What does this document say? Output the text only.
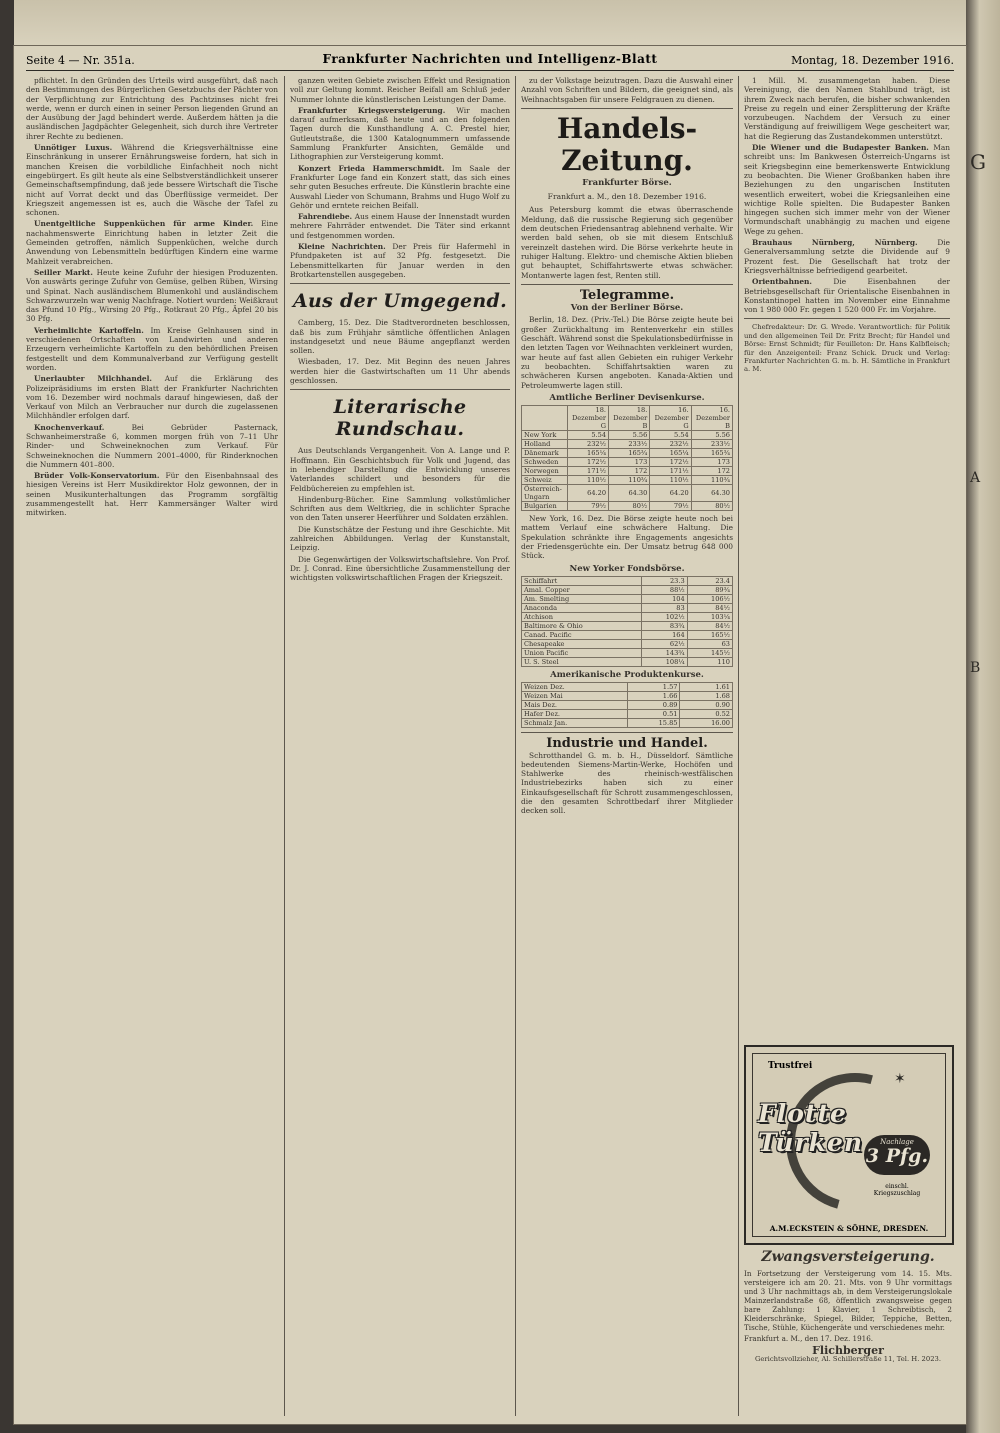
G
A
B
Seite 4 — Nr. 351a.	Frankfurter Nachrichten und Intelligenz-Blatt	Montag, 18. Dezember 1916.

pflichtet. In den Gründen des Urteils wird ausgeführt, daß nach den Bestimmungen des Bürgerlichen Gesetzbuchs der Pächter von der Verpflichtung zur Entrichtung des Pachtzinses nicht frei werde, wenn er durch einen in seiner Person liegenden Grund an der Ausübung der Jagd behindert werde. Außerdem hätten ja die ausländischen Jagdpächter Gelegenheit, sich durch ihre Vertreter ihrer Rechte zu bedienen.

Unnötiger Luxus. Während die Kriegsverhältnisse eine Einschränkung in unserer Ernährungsweise fordern, hat sich in manchen Kreisen die vorbildliche Einfachheit noch nicht eingebürgert. Es gilt heute als eine Selbstverständlichkeit unserer Gemeinschaftsempfindung, daß jede bessere Wirtschaft die Tische nicht auf Vorrat deckt und das Überflüssige vermeidet. Der Kriegszeit angemessen ist es, auch die Wäsche der Tafel zu schonen.

Unentgeltliche Suppenküchen für arme Kinder. Eine nachahmenswerte Einrichtung haben in letzter Zeit die Gemeinden getroffen, nämlich Suppenküchen, welche durch Anwendung von Lebensmitteln bedürftigen Kindern eine warme Mahlzeit verabreichen.

Seiller Markt. Heute keine Zufuhr der hiesigen Produzenten. Von auswärts geringe Zufuhr von Gemüse, gelben Rüben, Wirsing und Spinat. Nach ausländischem Blumenkohl und ausländischem Schwarzwurzeln war wenig Nachfrage. Notiert wurden: Weißkraut das Pfund 10 Pfg., Wirsing 20 Pfg., Rotkraut 20 Pfg., Äpfel 20 bis 30 Pfg.

Verheimlichte Kartoffeln. Im Kreise Gelnhausen sind in verschiedenen Ortschaften von Landwirten und anderen Erzeugern verheimlichte Kartoffeln zu den behördlichen Preisen festgestellt und dem Kommunalverband zur Verfügung gestellt worden.

Unerlaubter Milchhandel. Auf die Erklärung des Polizeipräsidiums im ersten Blatt der Frankfurter Nachrichten vom 16. Dezember wird nochmals darauf hingewiesen, daß der Verkauf von Milch an Verbraucher nur durch die zugelassenen Milchhändler erfolgen darf.

Knochenverkauf.	Bei Gebrüder Pasternack, Schwanheimerstraße 6, kommen morgen früh von 7–11 Uhr Rinder- und Schweineknochen zum Verkauf. Für Schweineknochen die Nummern 2001–4000, für Rinderknochen die Nummern 401–800.

Brüder Volk-Konservatorium. Für den Eisenbahnsaal des hiesigen Vereins ist Herr Musikdirektor Holz gewonnen, der in seinen Musikunterhaltungen das Programm sorgfältig zusammengestellt hat. Herr Kammersänger Walter wird mitwirken.

ganzen weiten Gebiete zwischen Effekt und Resignation voll zur Geltung kommt. Reicher Beifall am Schluß jeder Nummer lohnte die künstlerischen Leistungen der Dame.

Frankfurter Kriegsversteigerung. Wir machen darauf aufmerksam, daß heute und an den folgenden Tagen durch die Kunsthandlung A. C. Prestel hier, Gutleutstraße, die 1300 Katalognummern umfassende Sammlung Frankfurter Ansichten, Gemälde und Lithographien zur Versteigerung kommt.

Konzert Frieda Hammerschmidt. Im Saale der Frankfurter Loge fand ein Konzert statt, das sich eines sehr guten Besuches erfreute. Die Künstlerin brachte eine Auswahl Lieder von Schumann, Brahms und Hugo Wolf zu Gehör und erntete reichen Beifall.

Fahrendiebe. Aus einem Hause der Innenstadt wurden mehrere Fahrräder entwendet. Die Täter sind erkannt und festgenommen worden.

Kleine Nachrichten. Der Preis für Hafermehl in Pfundpaketen ist auf 32 Pfg. festgesetzt. Die Lebensmittelkarten für Januar werden in den Brotkartenstellen ausgegeben.

Aus der Umgegend.

Camberg, 15. Dez. Die Stadtverordneten beschlossen, daß bis zum Frühjahr sämtliche öffentlichen Anlagen instandgesetzt und neue Bäume angepflanzt werden sollen.

Wiesbaden, 17. Dez. Mit Beginn des neuen Jahres werden hier die Gastwirtschaften um 11 Uhr abends geschlossen.

Literarische Rundschau.

Aus Deutschlands Vergangenheit. Von A. Lange und P. Hoffmann. Ein Geschichtsbuch für Volk und Jugend, das in lebendiger Darstellung die Entwicklung unseres Vaterlandes schildert und besonders für die Feldbüchereien zu empfehlen ist.

Hindenburg-Bücher. Eine Sammlung volkstümlicher Schriften aus dem Weltkrieg, die in schlichter Sprache von den Taten unserer Heerführer und Soldaten erzählen.

Die Kunstschätze der Festung und ihre Geschichte. Mit zahlreichen Abbildungen. Verlag der Kunstanstalt, Leipzig.

Die Gegenwärtigen der Volkswirtschaftslehre. Von Prof. Dr. J. Conrad. Eine übersichtliche Zusammenstellung der wichtigsten volkswirtschaftlichen Fragen der Kriegszeit.

zu der Volkstage beizutragen. Dazu die Auswahl einer Anzahl von Schriften und Bildern, die geeignet sind, als Weihnachtsgaben für unsere Feldgrauen zu dienen.

Handels-Zeitung.
Frankfurter Börse.
Frankfurt a. M., den 18. Dezember 1916.

Aus Petersburg kommt die etwas überraschende Meldung, daß die russische Regierung sich gegenüber dem deutschen Friedensantrag ablehnend verhalte. Wir werden bald sehen, ob sie mit diesem Entschluß vereinzelt dastehen wird. Die Börse verkehrte heute in ruhiger Haltung. Elektro- und chemische Aktien blieben gut behauptet, Schiffahrtswerte etwas schwächer. Montanwerte lagen fest, Renten still.

Telegramme.
Von der Berliner Börse.

Berlin, 18. Dez. (Priv.-Tel.) Die Börse zeigte heute bei großer Zurückhaltung im Rentenverkehr ein stilles Geschäft. Während sonst die Spekulationsbedürfnisse in den letzten Tagen vor Weihnachten verkleinert wurden, war heute auf fast allen Gebieten ein ruhiger Verkehr zu beobachten. Schiffahrtsaktien waren zu schwächeren Kursen angeboten. Kanada-Aktien und Petroleumwerte lagen still.

Amtliche Berliner Devisenkurse.
	18. Dezember G	18. Dezember B	16. Dezember G	16. Dezember B
New York	5.54	5.56	5.54	5.56
Holland	232½	233½	232½	233½
Dänemark	165¼	165¾	165¼	165¾
Schweden	172½	173	172½	173
Norwegen	171½	172	171½	172
Schweiz	110½	110¾	110½	110¾
Österreich-Ungarn	64.20	64.30	64.20	64.30
Bulgarien	79½	80½	79½	80½

New York, 16. Dez. Die Börse zeigte heute noch bei mattem Verlauf eine schwächere Haltung. Die Spekulation schränkte ihre Engagements angesichts der Friedensgerüchte ein. Der Umsatz betrug 648 000 Stück.

New Yorker Fondsbörse.
Schiffahrt	23.3	23.4
Amal. Copper	88½	89¾
Am. Smelting	104	106½
Anaconda	83	84½
Atchison	102½	103¼
Baltimore & Ohio	83¾	84½
Canad. Pacific	164	165½
Chesapeake	62½	63
Union Pacific	143¾	145½
U. S. Steel	108¼	110
Amerikanische Produktenkurse.
Weizen Dez.	1.57	1.61
Weizen Mai	1.66	1.68
Mais Dez.	0.89	0.90
Hafer Dez.	0.51	0.52
Schmalz Jan.	15.85	16.00
Industrie und Handel.

Schrotthandel G. m. b. H., Düsseldorf. Sämtliche bedeutenden Siemens-Martin-Werke, Hochöfen und Stahlwerke des rheinisch-westfälischen Industriebezirks haben sich zu einer Einkaufsgesellschaft für Schrott zusammengeschlossen, die den gesamten Schrottbedarf ihrer Mitglieder decken soll.

1 Mill. M. zusammengetan haben. Diese Vereinigung, die den Namen Stahlbund trägt, ist ihrem Zweck nach berufen, die bisher schwankenden Preise zu regeln und einer Zersplitterung der Kräfte vorzubeugen. Nachdem der Versuch zu einer Verständigung auf freiwilligem Wege gescheitert war, hat die Regierung das Zustandekommen unterstützt.

Die Wiener und die Budapester Banken. Man schreibt uns: Im Bankwesen Österreich-Ungarns ist seit Kriegsbeginn eine bemerkenswerte Entwicklung zu beobachten. Die Wiener Großbanken haben ihre Beziehungen zu den ungarischen Instituten wesentlich erweitert, wobei die Kriegsanleihen eine wichtige Rolle spielten. Die Budapester Banken hingegen suchen sich immer mehr von der Wiener Vormundschaft unabhängig zu machen und eigene Wege zu gehen.

Brauhaus Nürnberg, Nürnberg.	Die Generalversammlung setzte die Dividende auf 9 Prozent fest. Die Gesellschaft hat trotz der Kriegsverhältnisse befriedigend gearbeitet.

Orientbahnen.	Die Eisenbahnen der Betriebsgesellschaft für Orientalische Eisenbahnen in Konstantinopel hatten im November eine Einnahme von 1 980 000 Fr. gegen 1 520 000 Fr. im Vorjahre.

Chefredakteur: Dr. G. Wrede. Verantwortlich: für Politik und den allgemeinen Teil Dr. Fritz Brecht; für Handel und Börse: Ernst Schmidt; für Feuilleton: Dr. Hans Kalbfleisch; für den Anzeigenteil: Franz Schick. Druck und Verlag: Frankfurter Nachrichten G. m. b. H. Sämtliche in Frankfurt a. M.

✶
Trustfrei
Flotte Türken	Nachlage
3 Pfg.
einschl. Kriegszuschlag
A.M.ECKSTEIN & SÖHNE, DRESDEN.
Zwangsversteigerung.
In Fortsetzung der Versteigerung vom 14. 15. Mts. versteigere ich am 20. 21. Mts. von 9 Uhr vormittags und 3 Uhr nachmittags ab, in dem Versteigerungslokale Mainzerlandstraße 68, öffentlich zwangsweise gegen bare Zahlung: 1 Klavier, 1 Schreibtisch, 2 Kleiderschränke, Spiegel, Bilder, Teppiche, Betten, Tische, Stühle, Küchengeräte und verschiedenes mehr.
Frankfurt a. M., den 17. Dez. 1916.
Flichberger
Gerichtsvollzieher, Al. Schillerstraße 11, Tel. H. 2023.
